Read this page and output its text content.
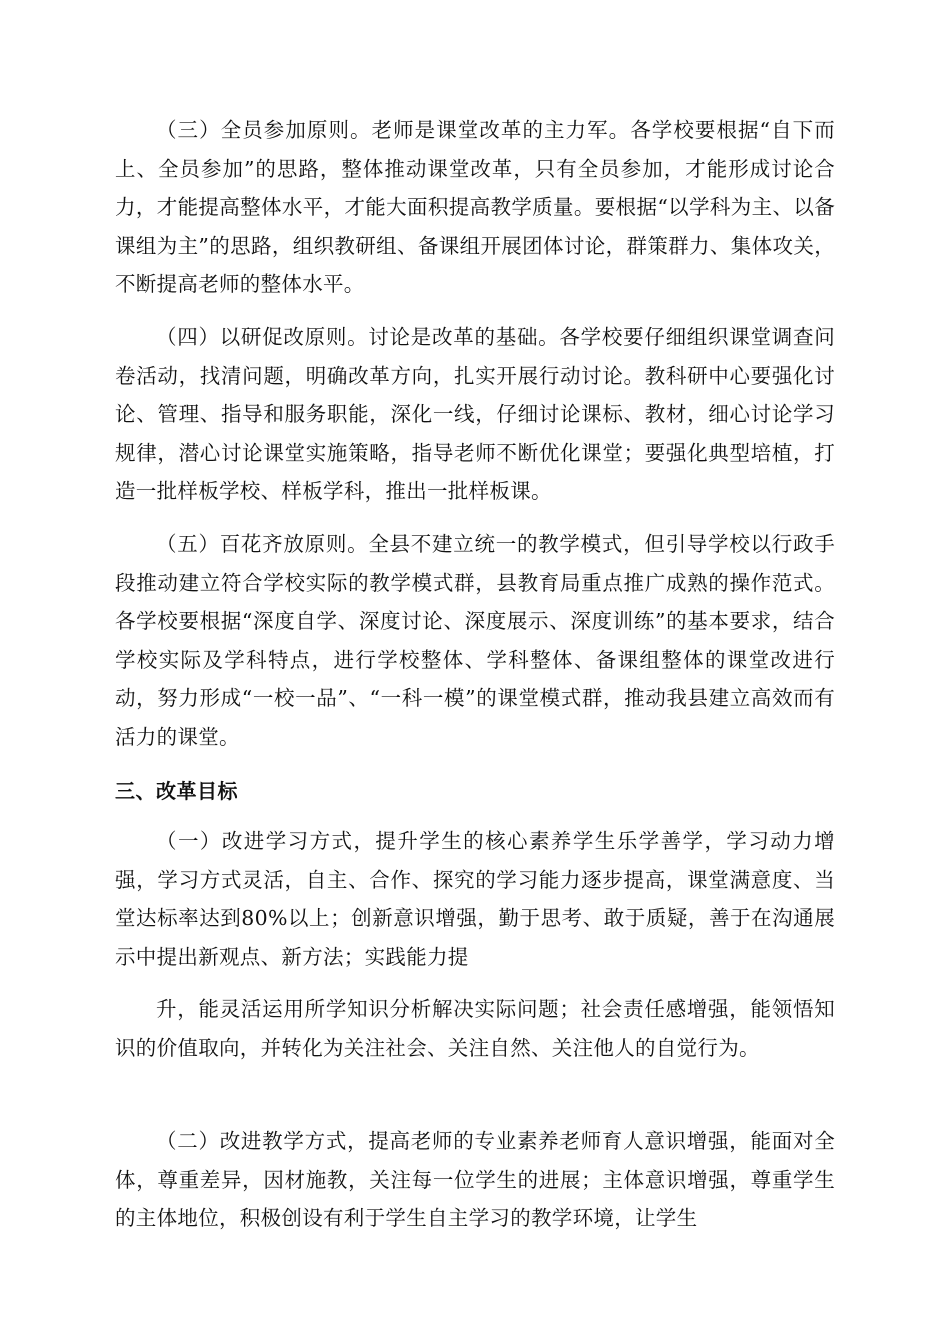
（三）全员参加原则。老师是课堂改革的主力军。各学校要根据“自下而上、全员参加”的思路，整体推动课堂改革，只有全员参加，才能形成讨论合力，才能提高整体水平，才能大面积提高教学质量。要根据“以学科为主、以备课组为主”的思路，组织教研组、备课组开展团体讨论，群策群力、集体攻关，不断提高老师的整体水平。

（四）以研促改原则。讨论是改革的基础。各学校要仔细组织课堂调查问卷活动，找清问题，明确改革方向，扎实开展行动讨论。教科研中心要强化讨论、管理、指导和服务职能，深化一线，仔细讨论课标、教材，细心讨论学习规律，潜心讨论课堂实施策略，指导老师不断优化课堂；要强化典型培植，打造一批样板学校、样板学科，推出一批样板课。

（五）百花齐放原则。全县不建立统一的教学模式，但引导学校以行政手段推动建立符合学校实际的教学模式群，县教育局重点推广成熟的操作范式。各学校要根据“深度自学、深度讨论、深度展示、深度训练”的基本要求，结合学校实际及学科特点，进行学校整体、学科整体、备课组整体的课堂改进行动，努力形成“一校一品”、“一科一模”的课堂模式群，推动我县建立高效而有活力的课堂。

三、改革目标

（一）改进学习方式，提升学生的核心素养学生乐学善学，学习动力增强，学习方式灵活，自主、合作、探究的学习能力逐步提高，课堂满意度、当堂达标率达到80%以上；创新意识增强，勤于思考、敢于质疑，善于在沟通展示中提出新观点、新方法；实践能力提

升，能灵活运用所学知识分析解决实际问题；社会责任感增强，能领悟知识的价值取向，并转化为关注社会、关注自然、关注他人的自觉行为。

（二）改进教学方式，提高老师的专业素养老师育人意识增强，能面对全体，尊重差异，因材施教，关注每一位学生的进展；主体意识增强，尊重学生的主体地位，积极创设有利于学生自主学习的教学环境，让学生
